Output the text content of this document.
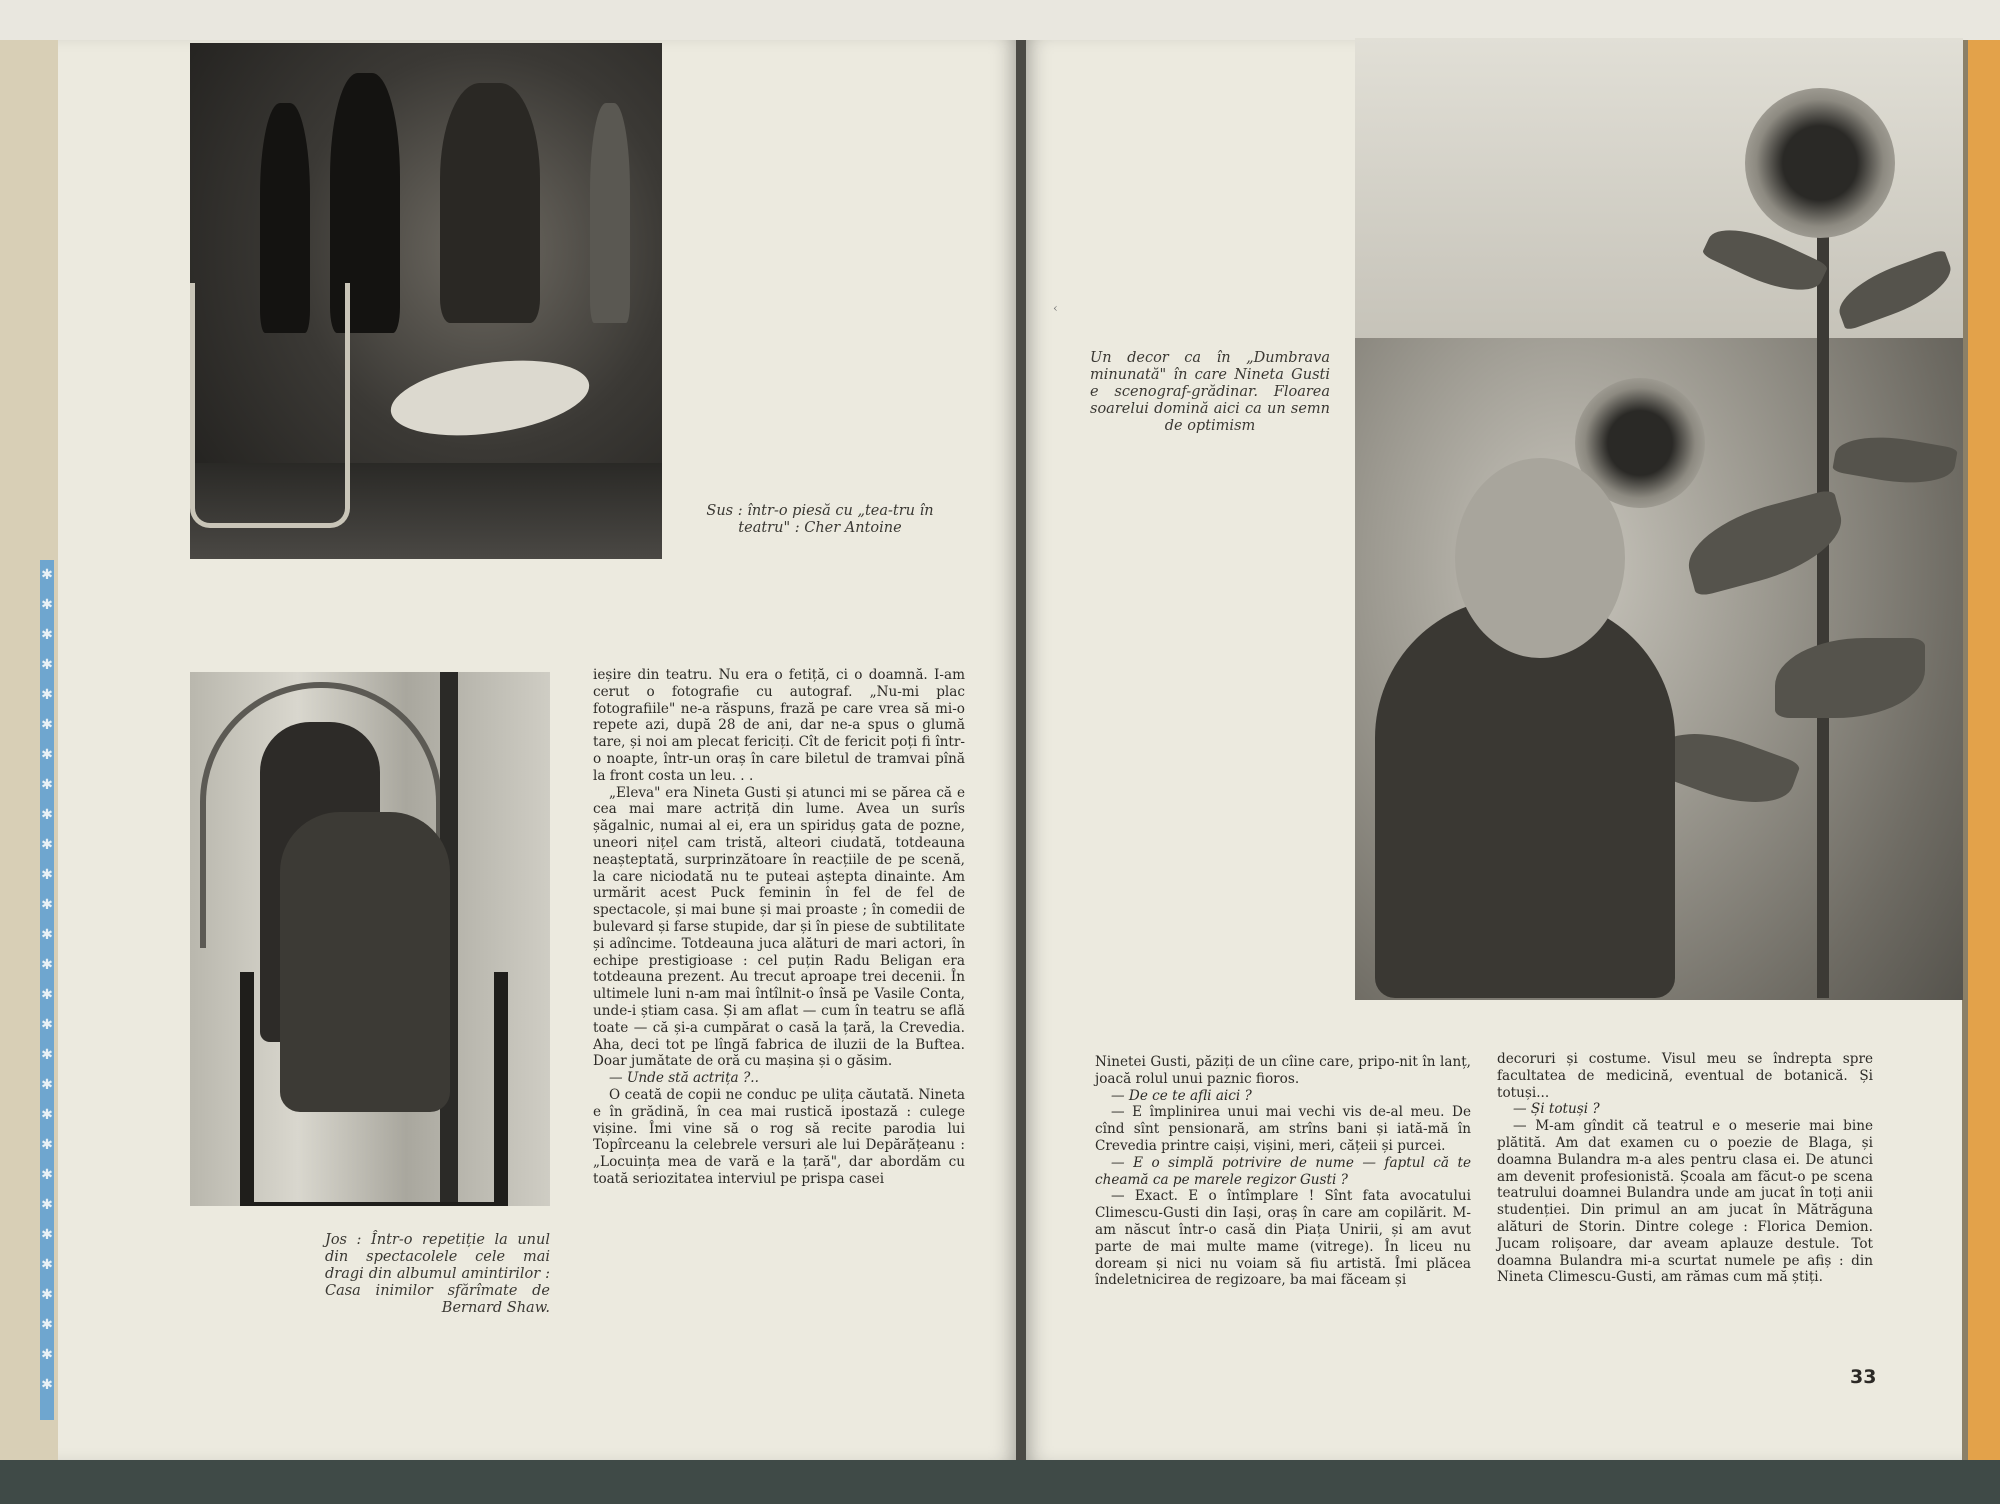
✱
✱
✱
✱
✱
✱
✱
✱
✱
✱
✱
✱
✱
✱
✱
✱
✱
✱
✱
✱
✱
✱
✱
✱
✱
✱
✱
✱
Sus : într-o piesă cu „tea-tru în teatru" : Cher Antoine
Jos : Într-o repetiție la unul din spectacolele cele mai dragi din albumul amintirilor : Casa inimilor sfărîmate de Bernard Shaw.
Un decor ca în „Dumbrava minunată" în care Nineta Gusti e scenograf-grădinar. Floarea soarelui domină aici ca un semn de optimism
‹

ieșire din teatru. Nu era o fetiță, ci o doamnă. I-am cerut o fotografie cu autograf. „Nu-mi plac fotografiile" ne-a răspuns, frază pe care vrea să mi-o repete azi, după 28 de ani, dar ne-a spus o glumă tare, și noi am plecat fericiți. Cît de fericit poți fi într-o noapte, într-un oraș în care biletul de tramvai pînă la front costa un leu. . .

„Eleva" era Nineta Gusti și atunci mi se părea că e cea mai mare actriță din lume. Avea un surîs șăgalnic, numai al ei, era un spiriduș gata de pozne, uneori nițel cam tristă, alteori ciudată, totdeauna neașteptată, surprinzătoare în reacțiile de pe scenă, la care niciodată nu te puteai aștepta dinainte. Am urmărit acest Puck feminin în fel de fel de spectacole, și mai bune și mai proaste ; în comedii de bulevard și farse stupide, dar și în piese de subtilitate și adîncime. Totdeauna juca alături de mari actori, în echipe prestigioase : cel puțin Radu Beligan era totdeauna prezent. Au trecut aproape trei decenii. În ultimele luni n-am mai întîlnit-o însă pe Vasile Conta, unde-i știam casa. Și am aflat — cum în teatru se află toate — că și-a cumpărat o casă la țară, la Crevedia. Aha, deci tot pe lîngă fabrica de iluzii de la Buftea. Doar jumătate de oră cu mașina și o găsim.

— Unde stă actrița ?..

O ceată de copii ne conduc pe ulița căutată. Nineta e în grădină, în cea mai rustică ipostază : culege vișine. Îmi vine să o rog să recite parodia lui Topîrceanu la celebrele versuri ale lui Depărățeanu : „Locuința mea de vară e la țară", dar abordăm cu toată seriozitatea interviul pe prispa casei

Ninetei Gusti, păziți de un cîine care, pripo-nit în lanț, joacă rolul unui paznic fioros.

— De ce te afli aici ?

— E împlinirea unui mai vechi vis de-al meu. De cînd sînt pensionară, am strîns bani și iată-mă în Crevedia printre caiși, vișini, meri, cățeii și purcei.

— E o simplă potrivire de nume — faptul că te cheamă ca pe marele regizor Gusti ?

— Exact. E o întîmplare ! Sînt fata avocatului Climescu-Gusti din Iași, oraș în care am copilărit. M-am născut într-o casă din Piața Unirii, și am avut parte de mai multe mame (vitrege). În liceu nu doream și nici nu voiam să fiu artistă. Îmi plăcea îndeletnicirea de regizoare, ba mai făceam și

decoruri și costume. Visul meu se îndrepta spre facultatea de medicină, eventual de botanică. Și totuși...

— Și totuși ?

— M-am gîndit că teatrul e o meserie mai bine plătită. Am dat examen cu o poezie de Blaga, și doamna Bulandra m-a ales pentru clasa ei. De atunci am devenit profesionistă. Școala am făcut-o pe scena teatrului doamnei Bulandra unde am jucat în toți anii studenției. Din primul an am jucat în Mătrăguna alături de Storin. Dintre colege : Florica Demion. Jucam rolișoare, dar aveam aplauze destule. Tot doamna Bulandra mi-a scurtat numele pe afiș : din Nineta Climescu-Gusti, am rămas cum mă știți.

33
